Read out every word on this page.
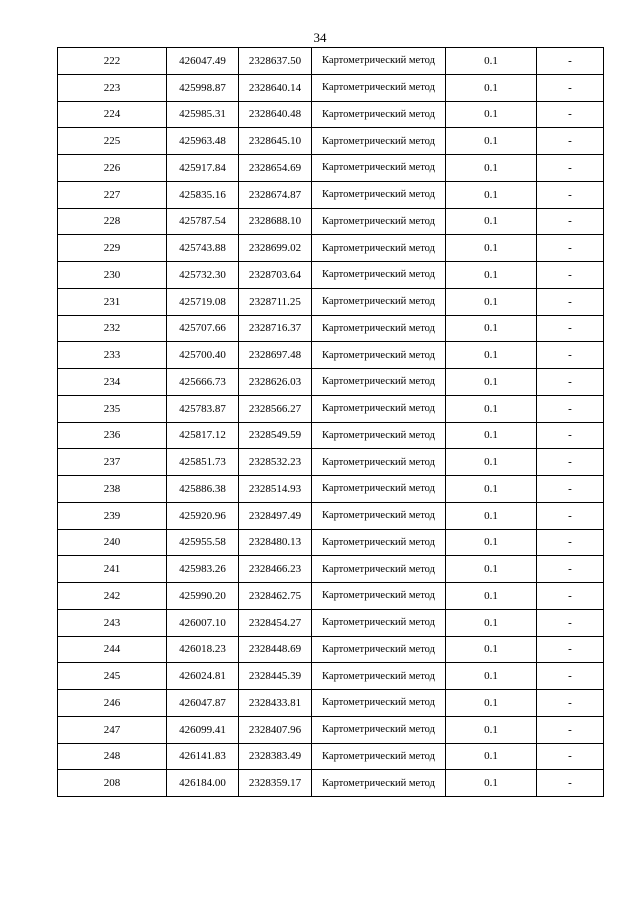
34
222	426047.49	2328637.50	Картометрический метод	0.1	-
223	425998.87	2328640.14	Картометрический метод	0.1	-
224	425985.31	2328640.48	Картометрический метод	0.1	-
225	425963.48	2328645.10	Картометрический метод	0.1	-
226	425917.84	2328654.69	Картометрический метод	0.1	-
227	425835.16	2328674.87	Картометрический метод	0.1	-
228	425787.54	2328688.10	Картометрический метод	0.1	-
229	425743.88	2328699.02	Картометрический метод	0.1	-
230	425732.30	2328703.64	Картометрический метод	0.1	-
231	425719.08	2328711.25	Картометрический метод	0.1	-
232	425707.66	2328716.37	Картометрический метод	0.1	-
233	425700.40	2328697.48	Картометрический метод	0.1	-
234	425666.73	2328626.03	Картометрический метод	0.1	-
235	425783.87	2328566.27	Картометрический метод	0.1	-
236	425817.12	2328549.59	Картометрический метод	0.1	-
237	425851.73	2328532.23	Картометрический метод	0.1	-
238	425886.38	2328514.93	Картометрический метод	0.1	-
239	425920.96	2328497.49	Картометрический метод	0.1	-
240	425955.58	2328480.13	Картометрический метод	0.1	-
241	425983.26	2328466.23	Картометрический метод	0.1	-
242	425990.20	2328462.75	Картометрический метод	0.1	-
243	426007.10	2328454.27	Картометрический метод	0.1	-
244	426018.23	2328448.69	Картометрический метод	0.1	-
245	426024.81	2328445.39	Картометрический метод	0.1	-
246	426047.87	2328433.81	Картометрический метод	0.1	-
247	426099.41	2328407.96	Картометрический метод	0.1	-
248	426141.83	2328383.49	Картометрический метод	0.1	-
208	426184.00	2328359.17	Картометрический метод	0.1	-
